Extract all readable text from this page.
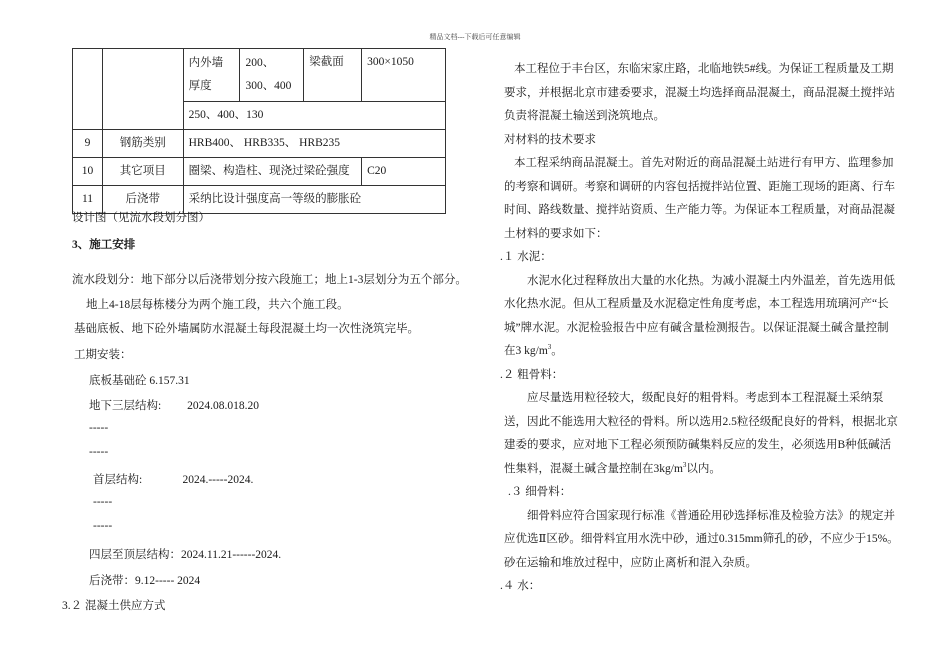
精品文档---下载后可任意编辑
		内外墙厚度	200、300、400	梁截面	300×1050
		250、400、130			
9	钢筋类别	HRB400、 HRB335、 HRB235			
10	其它项目	圈梁、构造柱、现浇过梁砼强度			C20
11	后浇带	采纳比设计强度高一等级的膨胀砼			
设计图（见流水段划分图）
3、施工安排
流水段划分：地下部分以后浇带划分按六段施工；地上1-3层划分为五个部分。
地上4-18层每栋楼分为两个施工段，共六个施工段。
基础底板、地下砼外墙属防水混凝土每段混凝土均一次性浇筑完毕。
工期安装：
底板基础砼 6.157.31
地下三层结构:         2024.08.018.20
-----
-----
首层结构:              2024.-----2024.
-----
-----
四层至顶层结构：2024.11.21------2024.
后浇带：9.12----- 2024
3.２ 混凝土供应方式

本工程位于丰台区，东临宋家庄路，北临地铁5#线。为保证工程质量及工期要求，并根据北京市建委要求，混凝土均选择商品混凝土，商品混凝土搅拌站负责将混凝土输送到浇筑地点。

对材料的技术要求

本工程采纳商品混凝土。首先对附近的商品混凝土站进行有甲方、监理参加的考察和调研。考察和调研的内容包括搅拌站位置、距施工现场的距离、行车时间、路线数量、搅拌站资质、生产能力等。为保证本工程质量，对商品混凝土材料的要求如下：

.１ 水泥：

水泥水化过程释放出大量的水化热。为减小混凝土内外温差，首先选用低水化热水泥。但从工程质量及水泥稳定性角度考虑，本工程选用琉璃河产“长城”牌水泥。水泥检验报告中应有碱含量检测报告。以保证混凝土碱含量控制在3 $kg/m^3$。

.２ 粗骨料：

应尽量选用粒径较大，级配良好的粗骨料。考虑到本工程混凝土采纳泵送，因此不能选用大粒径的骨料。所以选用2.5粒径级配良好的骨料，根据北京建委的要求，应对地下工程必须预防碱集料反应的发生，必须选用B种低碱活性集料，混凝土碱含量控制在$3kg/m^3$以内。

.３ 细骨料：

细骨料应符合国家现行标准《普通砼用砂选择标准及检验方法》的规定并应优选Ⅱ区砂。细骨料宜用水洗中砂，通过0.315mm筛孔的砂，不应少于15%。砂在运输和堆放过程中，应防止离析和混入杂质。

.４ 水：
